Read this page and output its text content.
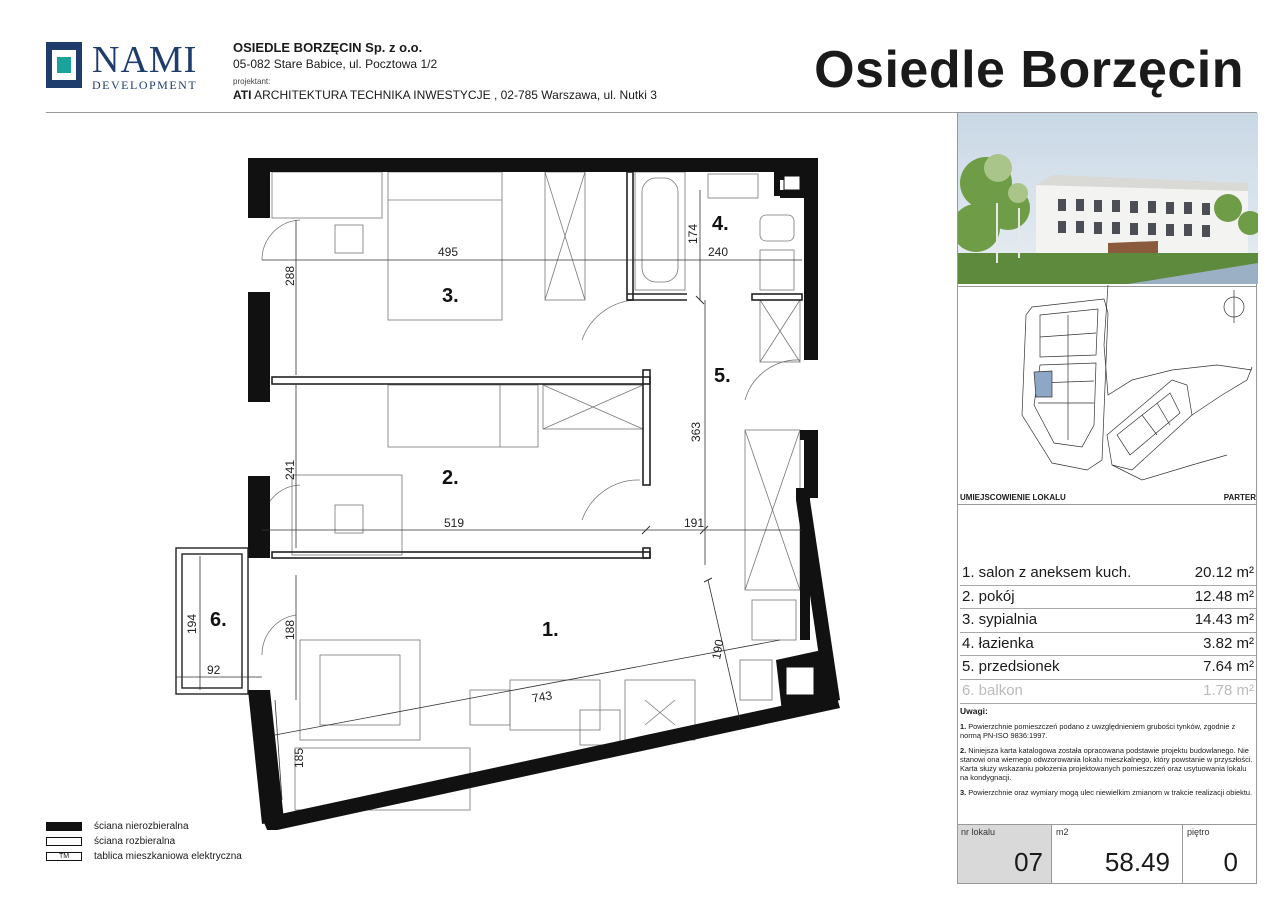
NAMI
DEVELOPMENT
OSIEDLE BORZĘCIN Sp. z o.o.
05-082 Stare Babice, ul. Pocztowa 1/2
projektant:
ATI ARCHITEKTURA TECHNIKA INWESTYCJE , 02-785 Warszawa, ul. Nutki 3	Osiedle Borzęcin
UMIEJSCOWIENIE LOKALU	PARTER
1. salon z aneksem kuch.	20.12 m²
2. pokój	12.48 m²
3. sypialnia	14.43 m²
4. łazienka	3.82 m²
5. przedsionek	7.64 m²
6. balkon	1.78 m²

Uwagi:

1. Powierzchnie pomieszczeń podano z uwzględnieniem grubości tynków, zgodnie z normą PN-ISO 9836:1997.

2. Niniejsza karta katalogowa została opracowana podstawie projektu budowlanego. Nie stanowi ona wiernego odwzorowania lokalu mieszkalnego, który powstanie w przyszłości. Karta służy wskazaniu położenia projektowanych pomieszczeń oraz usytuowania lokalu na kondygnacji.

3. Powierzchnie oraz wymiary mogą ulec niewielkim zmianom w trakcie realizacji obiektu.

nr lokalu
07
m2
58.49
piętro
0
1.
2.
3.
4.
5.
6.
495	240
519	191
92
743
288
174
363
241
194	188
190
185
ściana nierozbieralna
ściana rozbieralna
TM	tablica mieszkaniowa elektryczna
